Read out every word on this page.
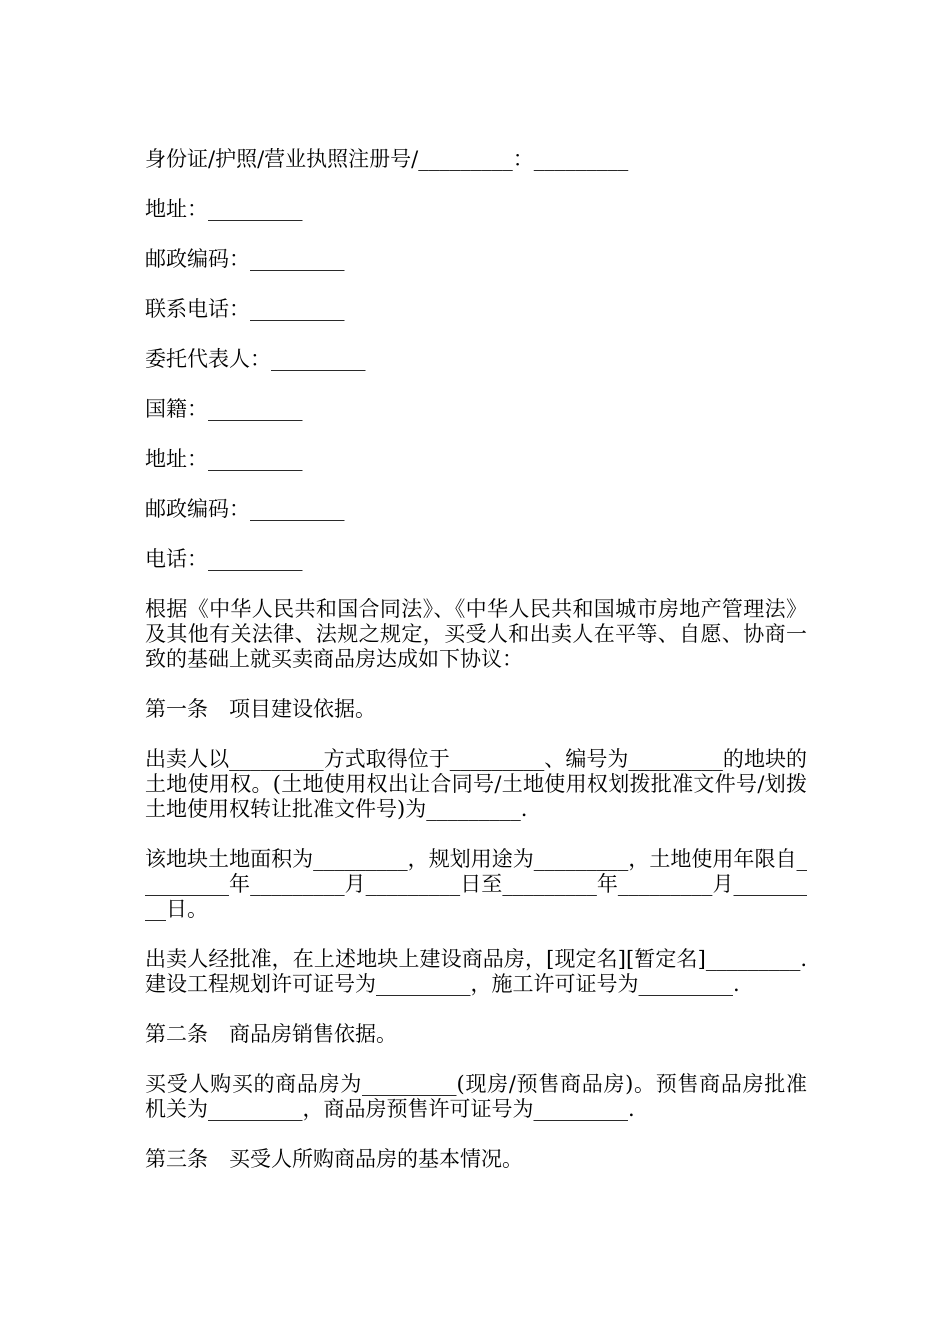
身份证/护照/营业执照注册号/_________：_________
地址：_________
邮政编码：_________
联系电话：_________
委托代表人：_________
国籍：_________
地址：_________
邮政编码：_________
电话：_________
根据《中华人民共和国合同法》、《中华人民共和国城市房地产管理法》及其他有关法律、法规之规定，买受人和出卖人在平等、自愿、协商一致的基础上就买卖商品房达成如下协议：
第一条　项目建设依据。
出卖人以_________方式取得位于_________、编号为_________的地块的土地使用权。(土地使用权出让合同号/土地使用权划拨批准文件号/划拨土地使用权转让批准文件号)为_________.
该地块土地面积为_________，规划用途为_________，土地使用年限自_________年_________月_________日至_________年_________月_________日。
出卖人经批准，在上述地块上建设商品房，[现定名][暂定名]_________.建设工程规划许可证号为_________，施工许可证号为_________.
第二条　商品房销售依据。
买受人购买的商品房为_________(现房/预售商品房)。预售商品房批准机关为_________，商品房预售许可证号为_________.
第三条　买受人所购商品房的基本情况。
